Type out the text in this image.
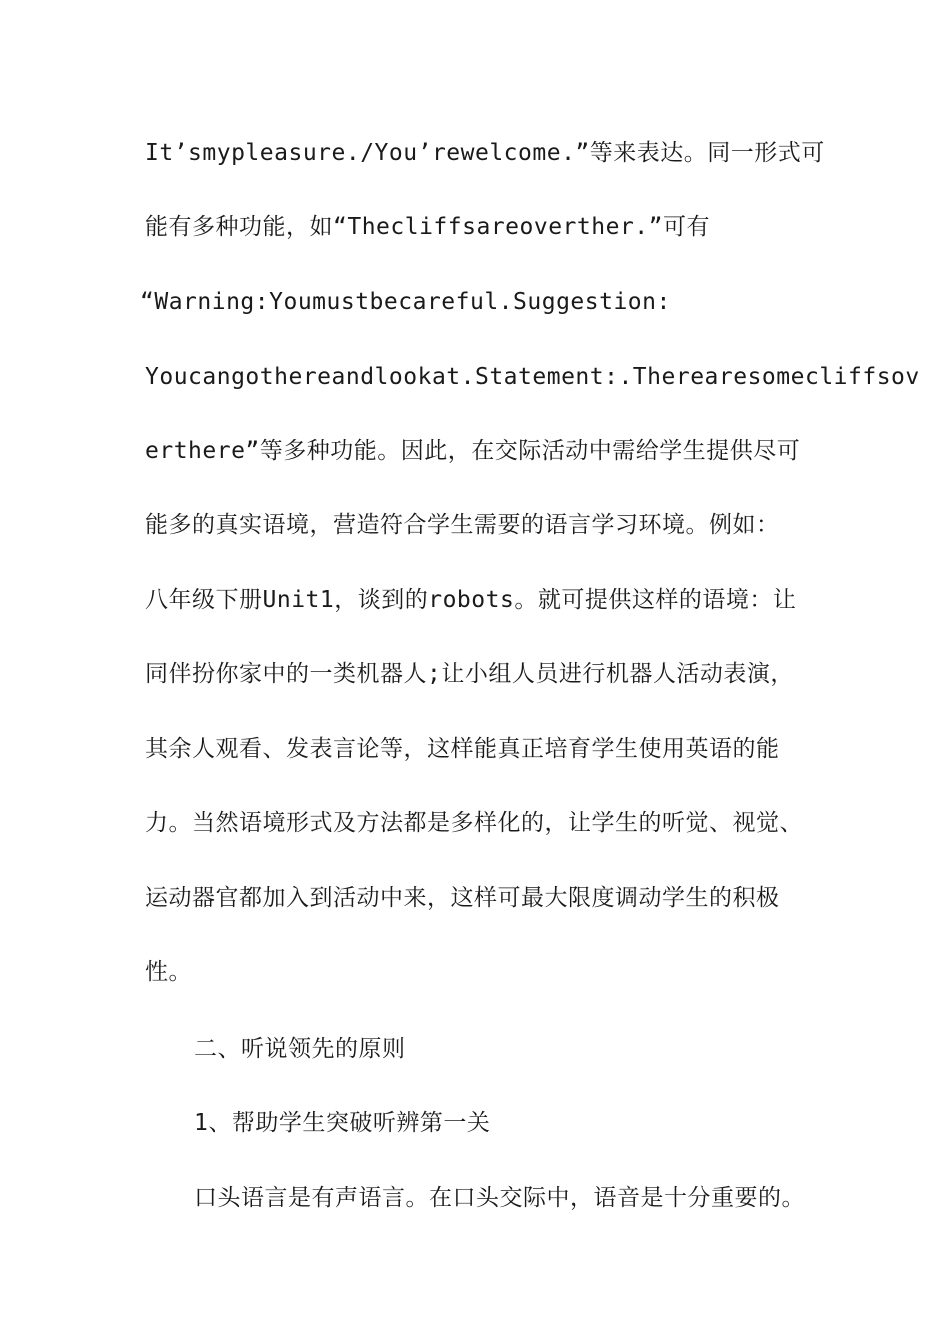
It’smypleasure./You’rewelcome.”等来表达。同一形式可
能有多种功能，如“Thecliffsareoverther.”可有
“Warning:Youmustbecareful.Suggestion:
Youcangothereandlookat.Statement:.Therearesomecliffsov
erthere”等多种功能。因此，在交际活动中需给学生提供尽可
能多的真实语境，营造符合学生需要的语言学习环境。例如：
八年级下册Unit1，谈到的robots。就可提供这样的语境：让
同伴扮你家中的一类机器人;让小组人员进行机器人活动表演，
其余人观看、发表言论等，这样能真正培育学生使用英语的能
力。当然语境形式及方法都是多样化的，让学生的听觉、视觉、
运动器官都加入到活动中来，这样可最大限度调动学生的积极
性。
二、听说领先的原则
1、帮助学生突破听辨第一关
口头语言是有声语言。在口头交际中，语音是十分重要的。
